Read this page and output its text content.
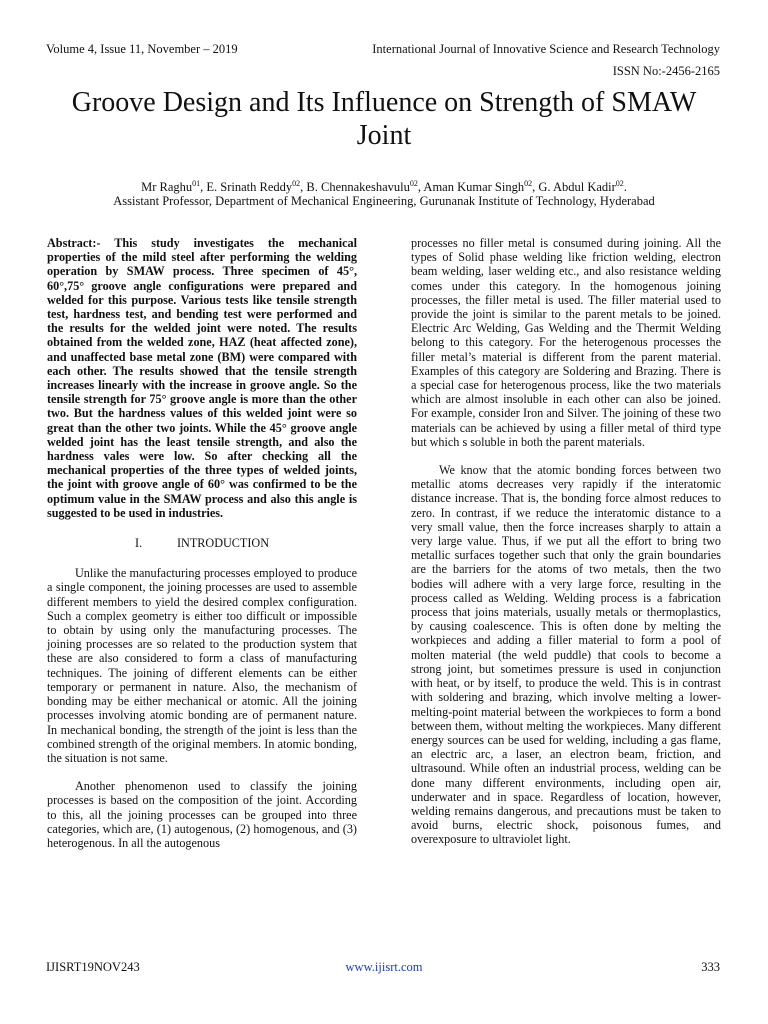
Volume 4, Issue 11, November – 2019	International Journal of Innovative Science and Research Technology
ISSN No:-2456-2165
Groove Design and Its Influence on Strength of SMAW Joint
Mr Raghu$^{01}$, E. Srinath Reddy$^{02}$, B. Chennakeshavulu$^{02}$, Aman Kumar Singh$^{02}$, G. Abdul Kadir$^{02}$.
Assistant Professor, Department of Mechanical Engineering, Gurunanak Institute of Technology, Hyderabad

Abstract:- This study investigates the mechanical properties of the mild steel after performing the welding operation by SMAW process. Three specimen of 45°, 60°,75° groove angle configurations were prepared and welded for this purpose. Various tests like tensile strength test, hardness test, and bending test were performed and the results for the welded joint were noted. The results obtained from the welded zone, HAZ (heat affected zone), and unaffected base metal zone (BM) were compared with each other. The results showed that the tensile strength increases linearly with the increase in groove angle. So the tensile strength for 75° groove angle is more than the other two. But the hardness values of this welded joint were so great than the other two joints. While the 45° groove angle welded joint has the least tensile strength, and also the hardness vales were low. So after checking all the mechanical properties of the three types of welded joints, the joint with groove angle of 60° was confirmed to be the optimum value in the SMAW process and also this angle is suggested to be used in industries.

I.	INTRODUCTION

Unlike the manufacturing processes employed to produce a single component, the joining processes are used to assemble different members to yield the desired complex configuration. Such a complex geometry is either too difficult or impossible to obtain by using only the manufacturing processes. The joining processes are so related to the production system that these are also considered to form a class of manufacturing techniques. The joining of different elements can be either temporary or permanent in nature. Also, the mechanism of bonding may be either mechanical or atomic. All the joining processes involving atomic bonding are of permanent nature. In mechanical bonding, the strength of the joint is less than the combined strength of the original members. In atomic bonding, the situation is not same.

Another phenomenon used to classify the joining processes is based on the composition of the joint. According to this, all the joining processes can be grouped into three categories, which are, (1) autogenous, (2) homogenous, and (3) heterogenous. In all the autogenous

processes no filler metal is consumed during joining. All the types of Solid phase welding like friction welding, electron beam welding, laser welding etc., and also resistance welding comes under this category. In the homogenous joining processes, the filler metal is used. The filler material used to provide the joint is similar to the parent metals to be joined. Electric Arc Welding, Gas Welding and the Thermit Welding belong to this category. For the heterogenous processes the filler metal’s material is different from the parent material. Examples of this category are Soldering and Brazing. There is a special case for heterogenous process, like the two materials which are almost insoluble in each other can also be joined. For example, consider Iron and Silver. The joining of these two materials can be achieved by using a filler metal of third type but which s soluble in both the parent materials.

We know that the atomic bonding forces between two metallic atoms decreases very rapidly if the interatomic distance increase. That is, the bonding force almost reduces to zero. In contrast, if we reduce the interatomic distance to a very small value, then the force increases sharply to attain a very large value. Thus, if we put all the effort to bring two metallic surfaces together such that only the grain boundaries are the barriers for the atoms of two metals, then the two bodies will adhere with a very large force, resulting in the process called as Welding. Welding process is a fabrication process that joins materials, usually metals or thermoplastics, by causing coalescence. This is often done by melting the workpieces and adding a filler material to form a pool of molten material (the weld puddle) that cools to become a strong joint, but sometimes pressure is used in conjunction with heat, or by itself, to produce the weld. This is in contrast with soldering and brazing, which involve melting a lower-melting-point material between the workpieces to form a bond between them, without melting the workpieces. Many different energy sources can be used for welding, including a gas flame, an electric arc, a laser, an electron beam, friction, and ultrasound. While often an industrial process, welding can be done many different environments, including open air, underwater and in space. Regardless of location, however, welding remains dangerous, and precautions must be taken to avoid burns, electric shock, poisonous fumes, and overexposure to ultraviolet light.

IJISRT19NOV243	www.ijisrt.com	333
